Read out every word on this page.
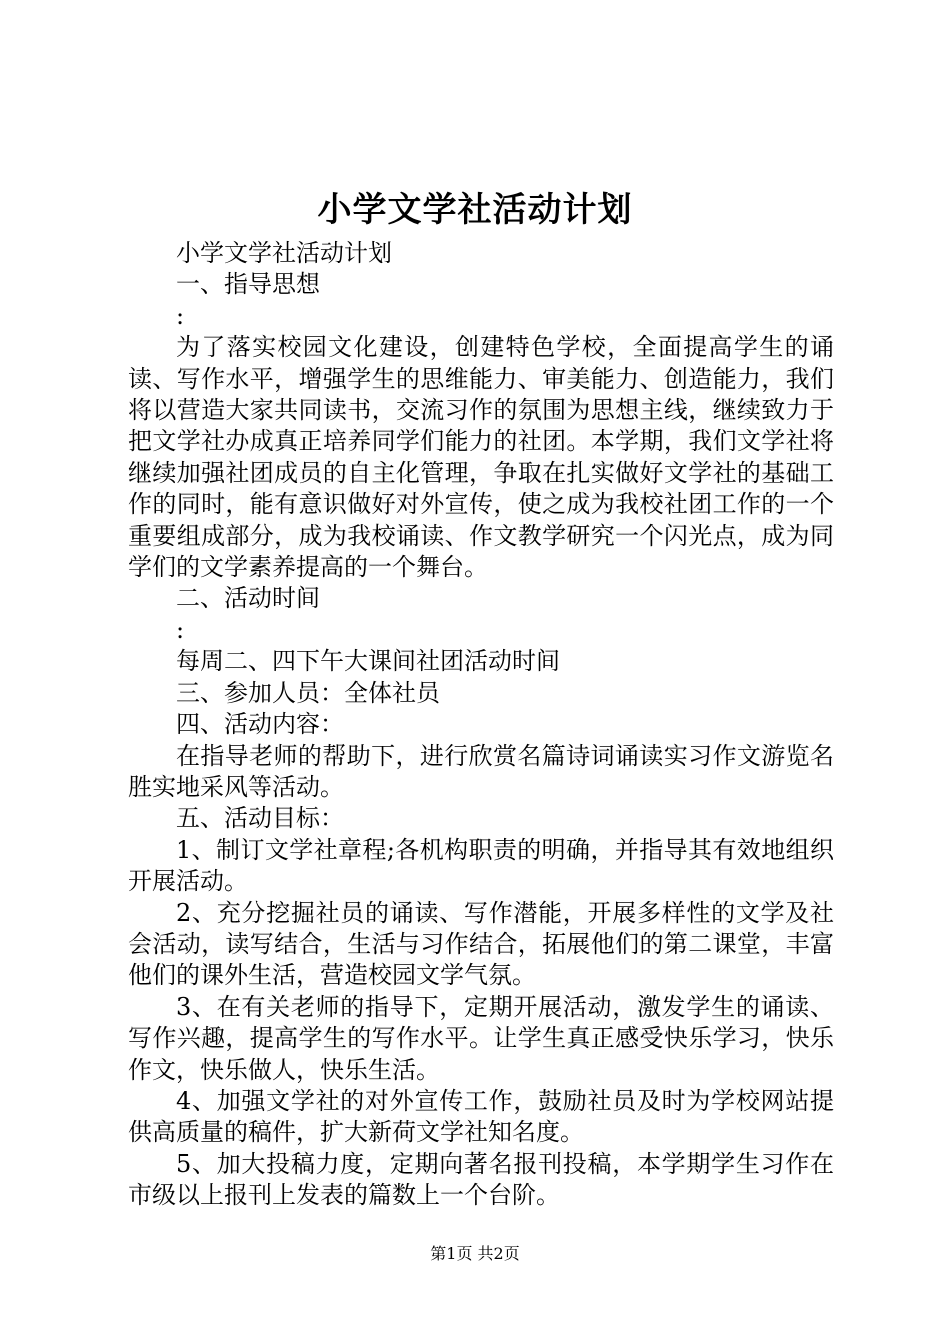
小学文学社活动计划

小学文学社活动计划

一、指导思想

:

为了落实校园文化建设，创建特色学校，全面提高学生的诵读、写作水平，增强学生的思维能力、审美能力、创造能力，我们将以营造大家共同读书，交流习作的氛围为思想主线，继续致力于把文学社办成真正培养同学们能力的社团。本学期，我们文学社将继续加强社团成员的自主化管理，争取在扎实做好文学社的基础工作的同时，能有意识做好对外宣传，使之成为我校社团工作的一个重要组成部分，成为我校诵读、作文教学研究一个闪光点，成为同学们的文学素养提高的一个舞台。

二、活动时间

:

每周二、四下午大课间社团活动时间

三、参加人员：全体社员

四、活动内容：

在指导老师的帮助下，进行欣赏名篇诗词诵读实习作文游览名胜实地采风等活动。

五、活动目标：

1、制订文学社章程;各机构职责的明确，并指导其有效地组织开展活动。

2、充分挖掘社员的诵读、写作潜能，开展多样性的文学及社会活动，读写结合，生活与习作结合，拓展他们的第二课堂，丰富他们的课外生活，营造校园文学气氛。

3、在有关老师的指导下，定期开展活动，激发学生的诵读、写作兴趣，提高学生的写作水平。让学生真正感受快乐学习，快乐作文，快乐做人，快乐生活。

4、加强文学社的对外宣传工作，鼓励社员及时为学校网站提供高质量的稿件，扩大新荷文学社知名度。

5、加大投稿力度，定期向著名报刊投稿，本学期学生习作在市级以上报刊上发表的篇数上一个台阶。

第1页 共2页
